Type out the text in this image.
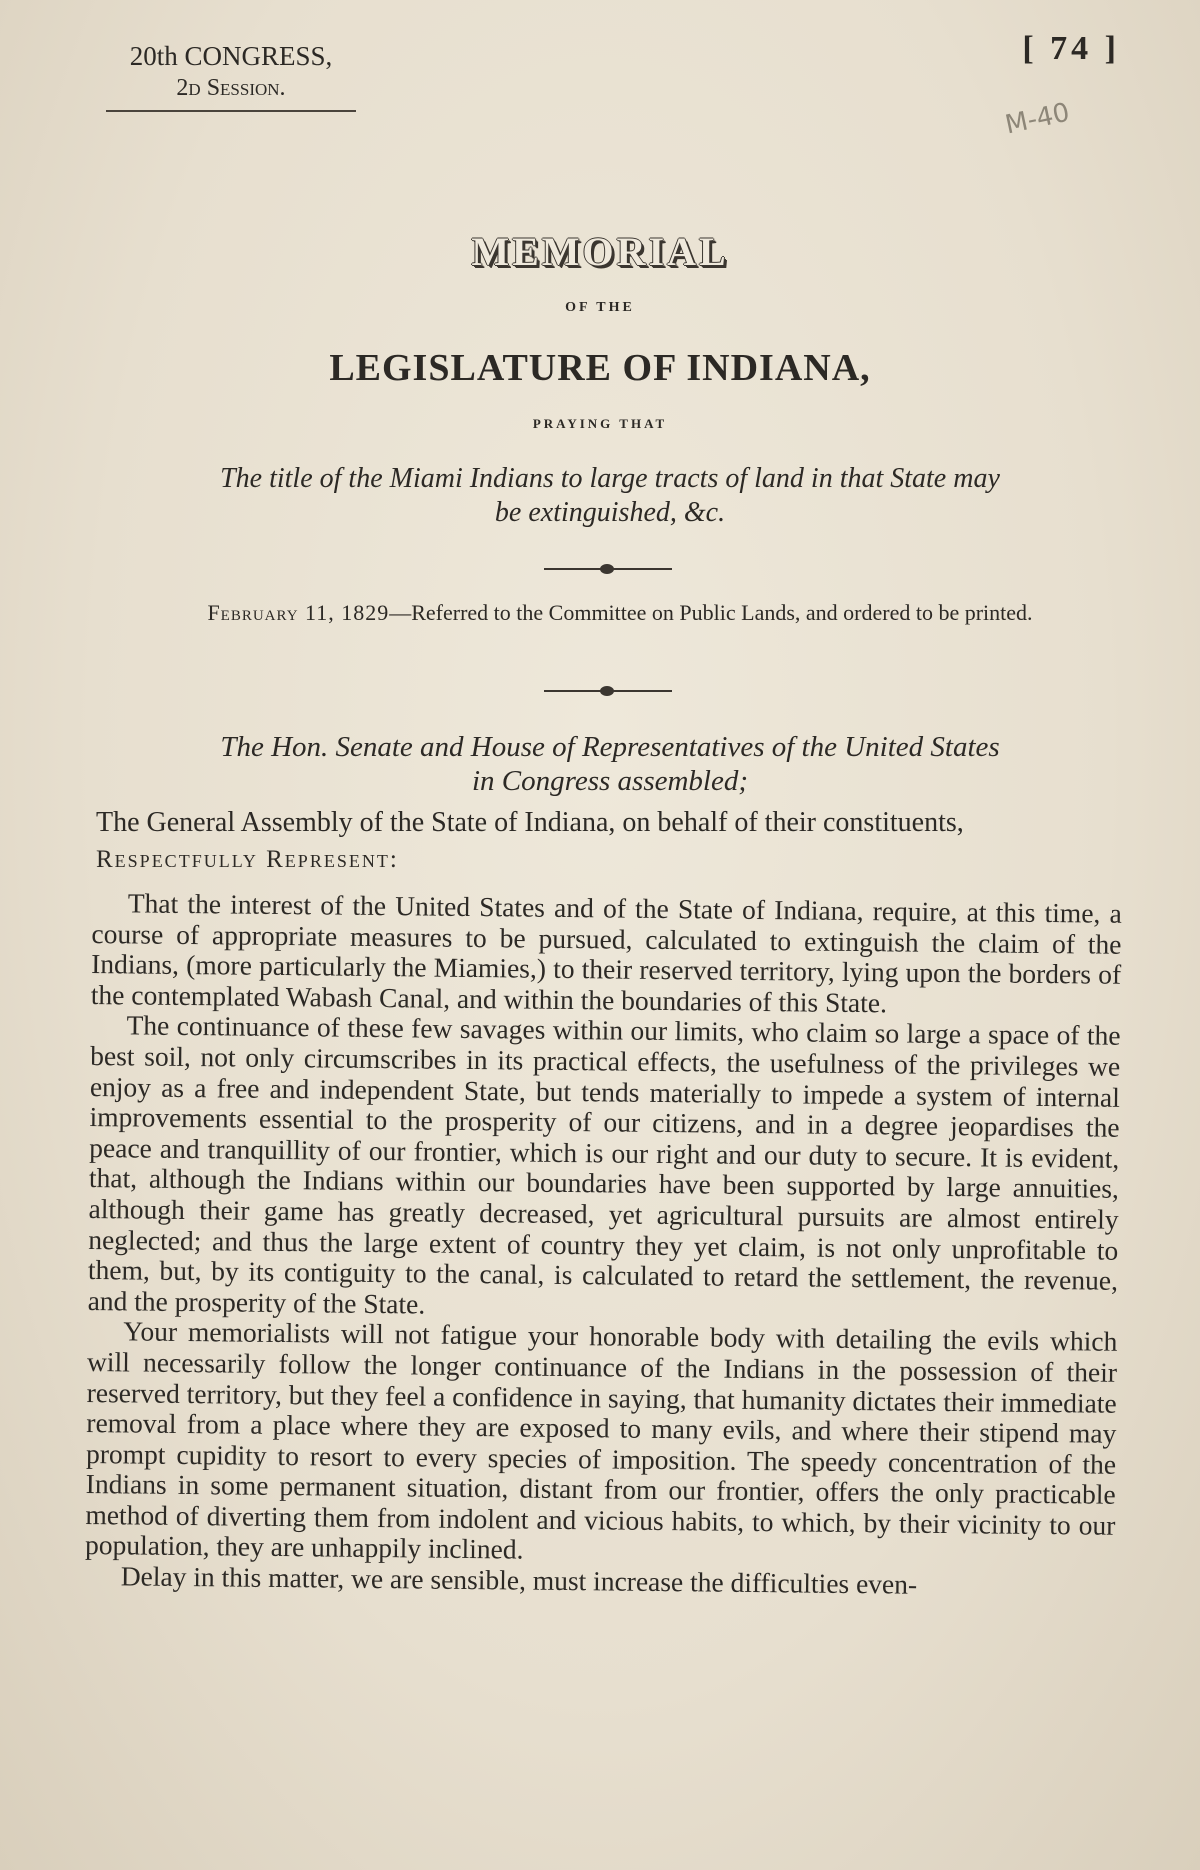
20th CONGRESS,
2d Session.
[ 74 ]
M-40
MEMORIAL
OF THE
LEGISLATURE OF INDIANA,
PRAYING THAT
The title of the Miami Indians to large tracts of land in that State may
be extinguished, &c.
February 11, 1829—Referred to the Committee on Public Lands, and ordered to be printed.
The Hon. Senate and House of Representatives of the United States
in Congress assembled;
The General Assembly of the State of Indiana, on behalf of their constituents,
Respectfully Represent:

That the interest of the United States and of the State of Indiana, require, at this time, a course of appropriate measures to be pursued, calculated to extinguish the claim of the Indians, (more particularly the Miamies,) to their reserved territory, lying upon the borders of the contemplated Wabash Canal, and within the boundaries of this State.

The continuance of these few savages within our limits, who claim so large a space of the best soil, not only circumscribes in its practical effects, the usefulness of the privileges we enjoy as a free and independent State, but tends materially to impede a system of internal improvements essential to the prosperity of our citizens, and in a degree jeopardises the peace and tranquillity of our frontier, which is our right and our duty to secure. It is evident, that, although the Indians within our boundaries have been supported by large annuities, although their game has greatly decreased, yet agricultural pursuits are almost entirely neglected; and thus the large extent of country they yet claim, is not only unprofitable to them, but, by its contiguity to the canal, is calculated to retard the settlement, the revenue, and the prosperity of the State.

Your memorialists will not fatigue your honorable body with detailing the evils which will necessarily follow the longer continuance of the Indians in the possession of their reserved territory, but they feel a confidence in saying, that humanity dictates their immediate removal from a place where they are exposed to many evils, and where their stipend may prompt cupidity to resort to every species of imposition. The speedy concentration of the Indians in some permanent situation, distant from our frontier, offers the only practicable method of diverting them from indolent and vicious habits, to which, by their vicinity to our population, they are unhappily inclined.

Delay in this matter, we are sensible, must increase the difficulties even-
